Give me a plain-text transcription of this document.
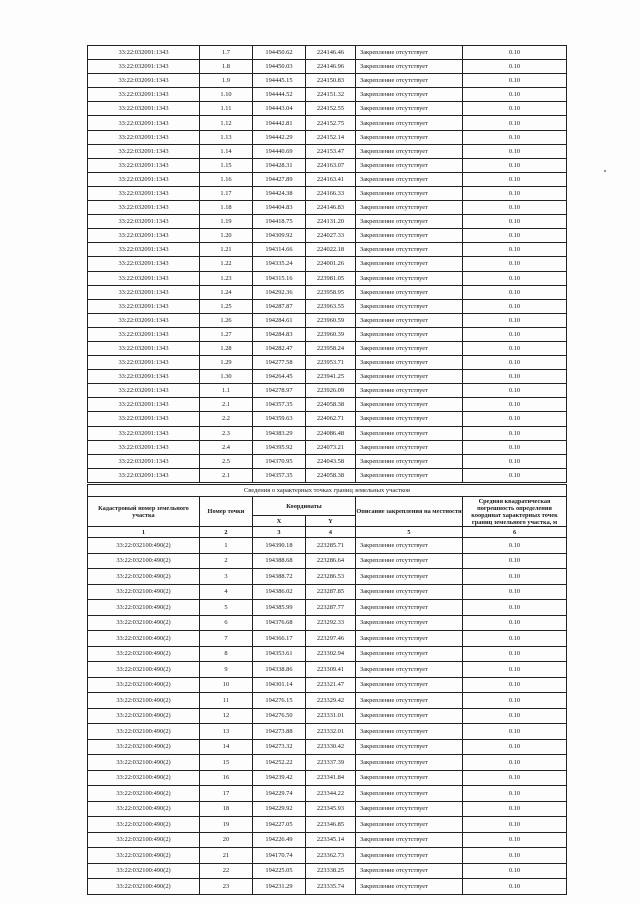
33:22:032091:1343	1.7	194450.62	224146.46	Закрепление отсутствует	0.10
33:22:032091:1343	1.8	194450.03	224146.96	Закрепление отсутствует	0.10
33:22:032091:1343	1.9	194445.15	224150.83	Закрепление отсутствует	0.10
33:22:032091:1343	1.10	194444.52	224151.32	Закрепление отсутствует	0.10
33:22:032091:1343	1.11	194443.04	224152.55	Закрепление отсутствует	0.10
33:22:032091:1343	1.12	194442.81	224152.75	Закрепление отсутствует	0.10
33:22:032091:1343	1.13	194442.29	224152.14	Закрепление отсутствует	0.10
33:22:032091:1343	1.14	194440.69	224153.47	Закрепление отсутствует	0.10
33:22:032091:1343	1.15	194428.31	224163.07	Закрепление отсутствует	0.10
33:22:032091:1343	1.16	194427.89	224163.41	Закрепление отсутствует	0.10
33:22:032091:1343	1.17	194424.38	224166.33	Закрепление отсутствует	0.10
33:22:032091:1343	1.18	194404.83	224146.83	Закрепление отсутствует	0.10
33:22:032091:1343	1.19	194418.75	224131.20	Закрепление отсутствует	0.10
33:22:032091:1343	1.20	194309.92	224027.33	Закрепление отсутствует	0.10
33:22:032091:1343	1.21	194314.66	224022.18	Закрепление отсутствует	0.10
33:22:032091:1343	1.22	194335.24	224001.26	Закрепление отсутствует	0.10
33:22:032091:1343	1.23	194315.16	223981.05	Закрепление отсутствует	0.10
33:22:032091:1343	1.24	194292.36	223958.95	Закрепление отсутствует	0.10
33:22:032091:1343	1.25	194287.87	223963.55	Закрепление отсутствует	0.10
33:22:032091:1343	1.26	194284.61	223960.59	Закрепление отсутствует	0.10
33:22:032091:1343	1.27	194284.83	223960.39	Закрепление отсутствует	0.10
33:22:032091:1343	1.28	194282.47	223958.24	Закрепление отсутствует	0.10
33:22:032091:1343	1.29	194277.58	223953.71	Закрепление отсутствует	0.10
33:22:032091:1343	1.30	194264.45	223941.25	Закрепление отсутствует	0.10
33:22:032091:1343	1.1	194278.97	223926.09	Закрепление отсутствует	0.10
33:22:032091:1343	2.1	194357.35	224058.38	Закрепление отсутствует	0.10
33:22:032091:1343	2.2	194359.63	224062.71	Закрепление отсутствует	0.10
33:22:032091:1343	2.3	194383.29	224086.48	Закрепление отсутствует	0.10
33:22:032091:1343	2.4	194395.92	224073.21	Закрепление отсутствует	0.10
33:22:032091:1343	2.5	194370.95	224043.58	Закрепление отсутствует	0.10
33:22:032091:1343	2.1	194357.35	224058.38	Закрепление отсутствует	0.10
Сведения о характерных точках границ земельных участков					
Кадастровый номер земельного участка	Номер точки	Координаты		Описание закрепления на местности	Средняя квадратическая погрешность определения координат характерных точек границ земельного участка, м
		X	Y		
1	2	3	4	5	6
33:22:032100:490(2)	1	194390.18	223285.71	Закрепление отсутствует	0.10
33:22:032100:490(2)	2	194388.68	223286.64	Закрепление отсутствует	0.10
33:22:032100:490(2)	3	194388.72	223286.53	Закрепление отсутствует	0.10
33:22:032100:490(2)	4	194386.02	223287.85	Закрепление отсутствует	0.10
33:22:032100:490(2)	5	194385.99	223287.77	Закрепление отсутствует	0.10
33:22:032100:490(2)	6	194376.68	223292.33	Закрепление отсутствует	0.10
33:22:032100:490(2)	7	194366.17	223297.46	Закрепление отсутствует	0.10
33:22:032100:490(2)	8	194353.61	223302.94	Закрепление отсутствует	0.10
33:22:032100:490(2)	9	194338.86	223309.41	Закрепление отсутствует	0.10
33:22:032100:490(2)	10	194301.14	223321.47	Закрепление отсутствует	0.10
33:22:032100:490(2)	11	194276.15	223329.42	Закрепление отсутствует	0.10
33:22:032100:490(2)	12	194276.50	223331.01	Закрепление отсутствует	0.10
33:22:032100:490(2)	13	194273.88	223332.01	Закрепление отсутствует	0.10
33:22:032100:490(2)	14	194273.32	223330.42	Закрепление отсутствует	0.10
33:22:032100:490(2)	15	194252.22	223337.39	Закрепление отсутствует	0.10
33:22:032100:490(2)	16	194239.42	223341.84	Закрепление отсутствует	0.10
33:22:032100:490(2)	17	194229.74	223344.22	Закрепление отсутствует	0.10
33:22:032100:490(2)	18	194229.92	223345.93	Закрепление отсутствует	0.10
33:22:032100:490(2)	19	194227.05	223346.85	Закрепление отсутствует	0.10
33:22:032100:490(2)	20	194226.49	223345.14	Закрепление отсутствует	0.10
33:22:032100:490(2)	21	194170.74	223362.73	Закрепление отсутствует	0.10
33:22:032100:490(2)	22	194225.05	223338.25	Закрепление отсутствует	0.10
33:22:032100:490(2)	23	194231.29	223335.74	Закрепление отсутствует	0.10
